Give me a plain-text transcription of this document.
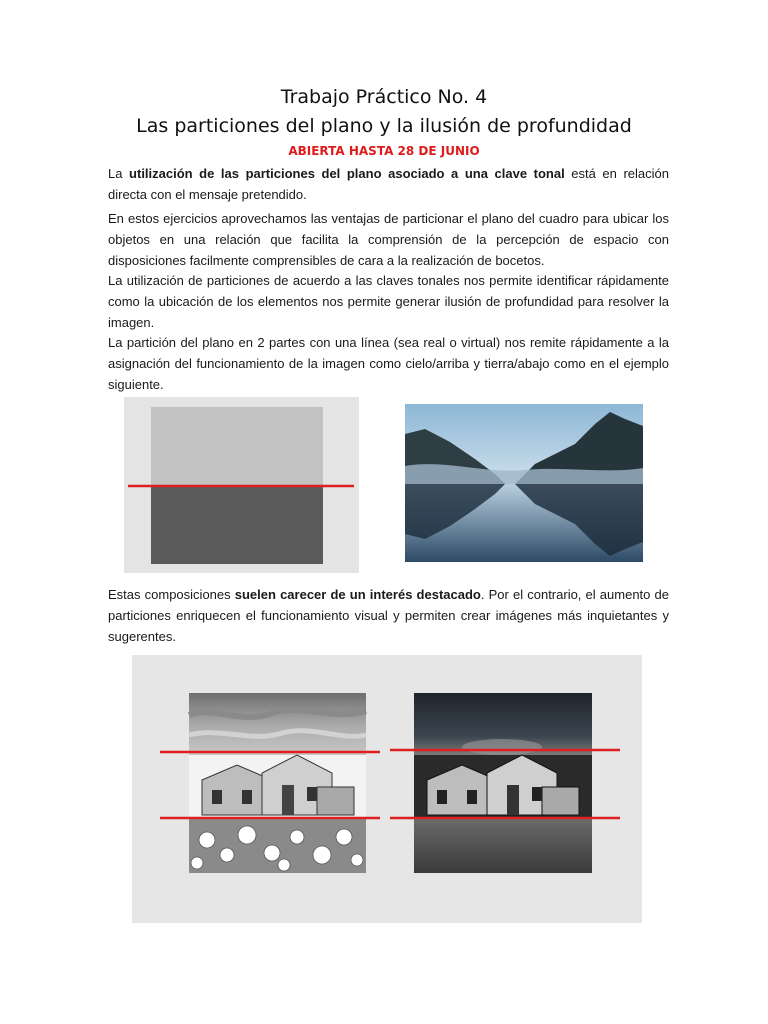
Trabajo Práctico No. 4
Las particiones del plano y la ilusión de profundidad
ABIERTA HASTA 28 DE JUNIO

La utilización de las particiones del plano asociado a una clave tonal está en relación directa con el mensaje pretendido.

En estos ejercicios aprovechamos las ventajas de particionar el plano del cuadro para ubicar los objetos en una relación que facilita la comprensión de la percepción de espacio con disposiciones facilmente comprensibles de cara a la realización de bocetos.

La utilización de particiones de acuerdo a las claves tonales nos permite identificar rápidamente como la ubicación de los elementos nos permite generar ilusión de profundidad para resolver la imagen.

La partición del plano en 2 partes con una línea (sea real o virtual) nos remite rápidamente a la asignación del funcionamiento de la imagen como cielo/arriba y tierra/abajo como en el ejemplo siguiente.

Estas composiciones suelen carecer de un interés destacado. Por el contrario, el aumento de particiones enriquecen el funcionamiento visual y permiten crear imágenes más inquietantes y sugerentes.
